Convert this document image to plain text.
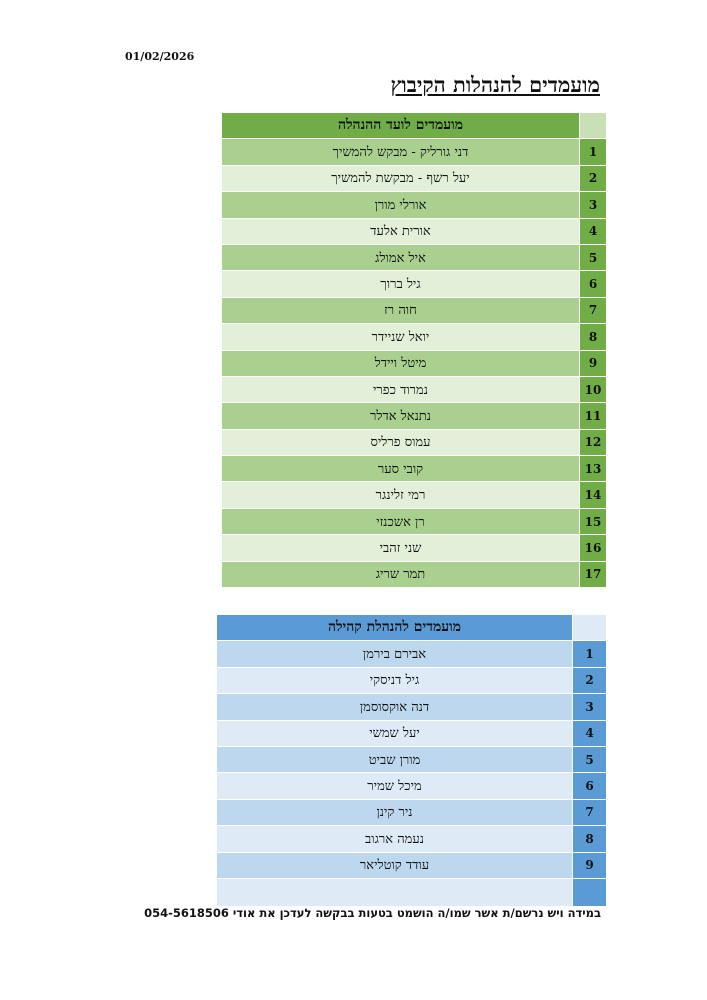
01/02/2026
מועמדים להנהלות הקיבוץ
	מועמדים לועד ההנהלה
1	דני גורליק - מבקש להמשיך
2	יעל רשף - מבקשת להמשיך
3	אורלי מורן
4	אורית אלעד
5	איל אמולג
6	גיל ברוך
7	חוה רז
8	יואל שניידר
9	מיטל ויידל
10	נמרוד כפרי
11	נתנאל אדלר
12	עמוס פרליס
13	קובי סער
14	רמי זלינגר
15	רן אשכנזי
16	שני זהבי
17	תמר שריג
	מועמדים להנהלת קהילה
1	אבירם בירמן
2	גיל דניסקי
3	דנה אוקסוסמן
4	יעל שמשי
5	מורן שביט
6	מיכל שמיר
7	ניר קינן
8	נעמה ארגוב
9	עודד קוטליאר

במידה ויש נרשם/ת אשר שמו/ה הושמט בטעות בבקשה לעדכן את אודי 054-5618506
